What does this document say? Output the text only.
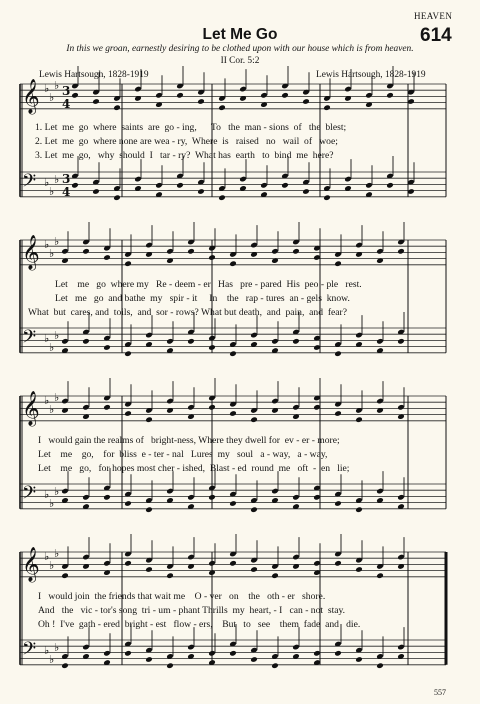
HEAVEN
Let Me Go	614
In this we groan, earnestly desiring to be clothed upon with our house which is from heaven.
II Cor. 5:2
Lewis Hartsough, 1828-1919	Lewis Hartsough, 1828-1919
𝄞 ♭
♭
♭ 3
4
𝄢 ♭
♭
♭ 3
4
𝄞 ♭
♭
♭
𝄢 ♭
♭
♭
𝄞 ♭
♭
♭
𝄢 ♭
♭
♭
𝄞 ♭
♭
♭
𝄢 ♭
♭
♭
1. Let  me  go  where  saints  are  go - ing,      To   the  man - sions  of   the  blest;
2. Let  me  go  where none are wea - ry,  Where  is   raised   no   wail  of   woe;
3. Let  me  go,   why  should  I   tar - ry?  What has  earth   to  bind  me  here?
Let    me   go  where my   Re - deem - er   Has   pre - pared  His  peo - ple   rest.
Let   me   go  and bathe  my   spir - it     In    the   rap - tures  an - gels  know.
What  but  cares, and  toils,  and  sor - rows? What but death,  and  pain,  and  fear?
I   would gain the realms of   bright-ness, Where they dwell for  ev - er - more;
Let    me    go,    for  bliss  e - ter - nal   Lures  my   soul   a - way,   a - way,
Let    me   go,   for hopes most cher - ished,  Blast - ed  round  me   oft  -  en   lie;
I   would join  the friends that wait me    O - ver   on    the   oth - er   shore.
And   the   vic - tor's song  tri - um - phant Thrills  my  heart, - I   can - not  stay.
Oh !  I've  gath - ered  bright - est   flow - ers,    But   to   see    them  fade  and   die.
557
